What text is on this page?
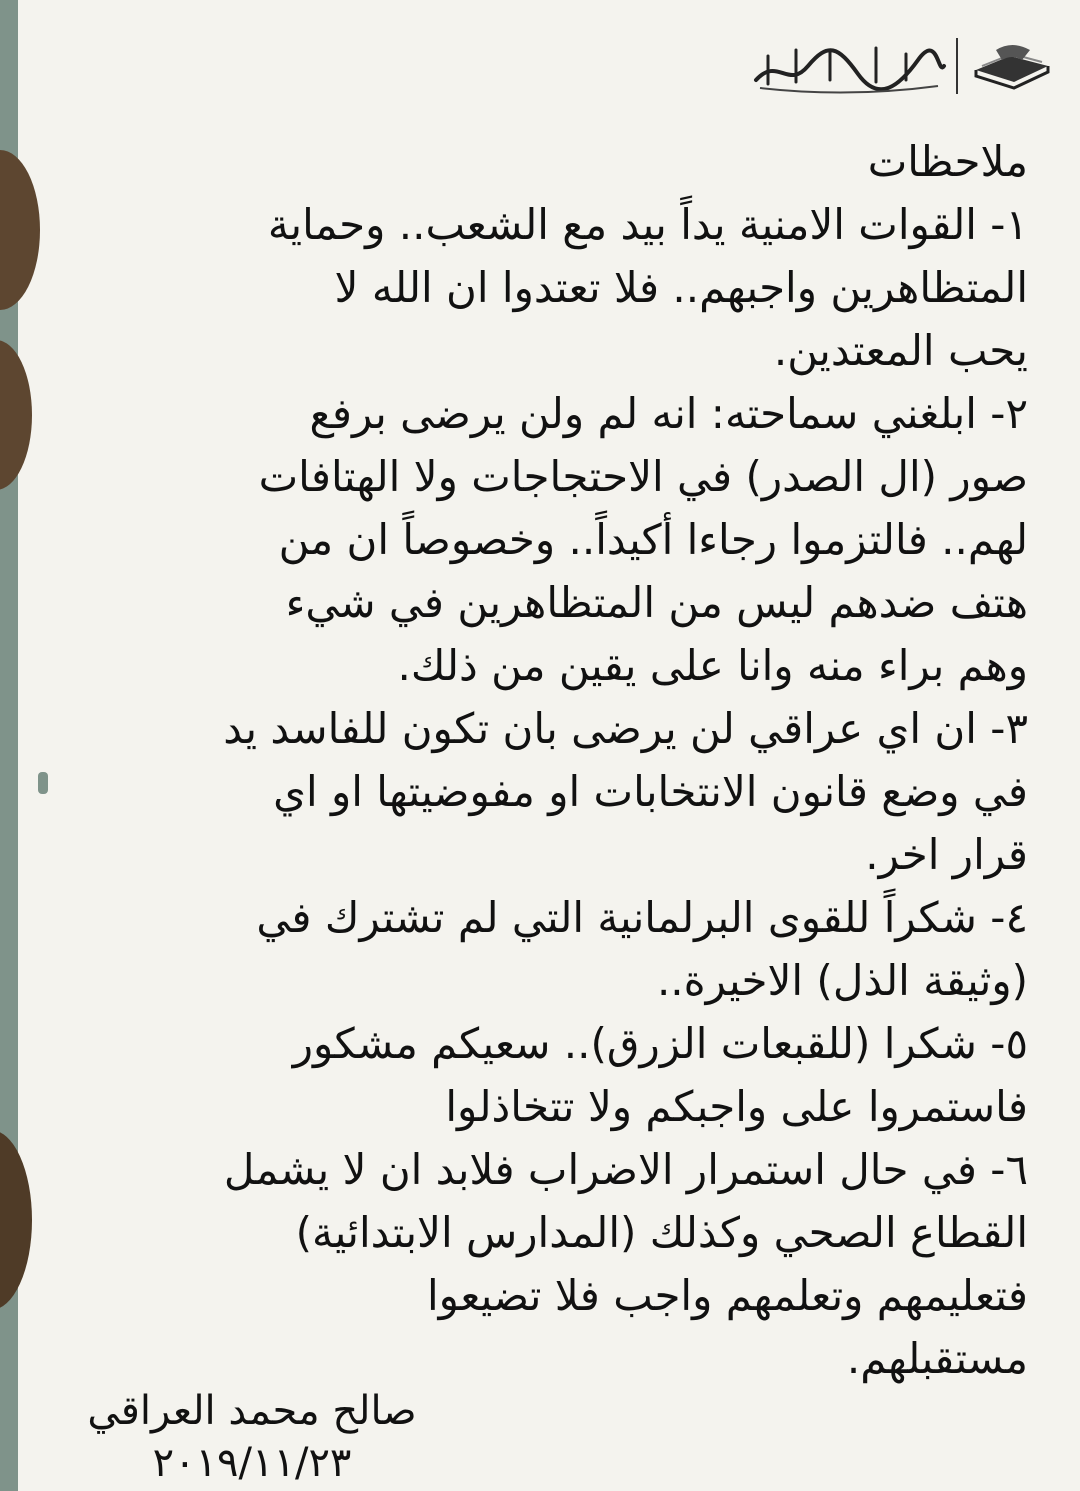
ملاحظات
١- القوات الامنية يداً بيد مع الشعب.. وحماية
المتظاهرين واجبهم.. فلا تعتدوا ان الله لا
يحب المعتدين.
٢- ابلغني سماحته: انه لم ولن يرضى برفع
صور (ال الصدر) في الاحتجاجات ولا الهتافات
لهم.. فالتزموا رجاءا أكيداً.. وخصوصاً ان من
هتف ضدهم ليس من المتظاهرين في شيء
وهم براء منه وانا على يقين من ذلك.
٣- ان اي عراقي لن يرضى بان تكون للفاسد يد
في وضع قانون الانتخابات او مفوضيتها او اي
قرار اخر.
٤- شكراً للقوى البرلمانية التي لم تشترك في
(وثيقة الذل) الاخيرة..
٥- شكرا (للقبعات الزرق).. سعيكم مشكور
فاستمروا على واجبكم ولا تتخاذلوا
٦- في حال استمرار الاضراب فلابد ان لا يشمل
القطاع الصحي وكذلك (المدارس الابتدائية)
فتعليمهم وتعلمهم واجب فلا تضيعوا
مستقبلهم.
صالح محمد العراقي
٢٠١٩/١١/٢٣
